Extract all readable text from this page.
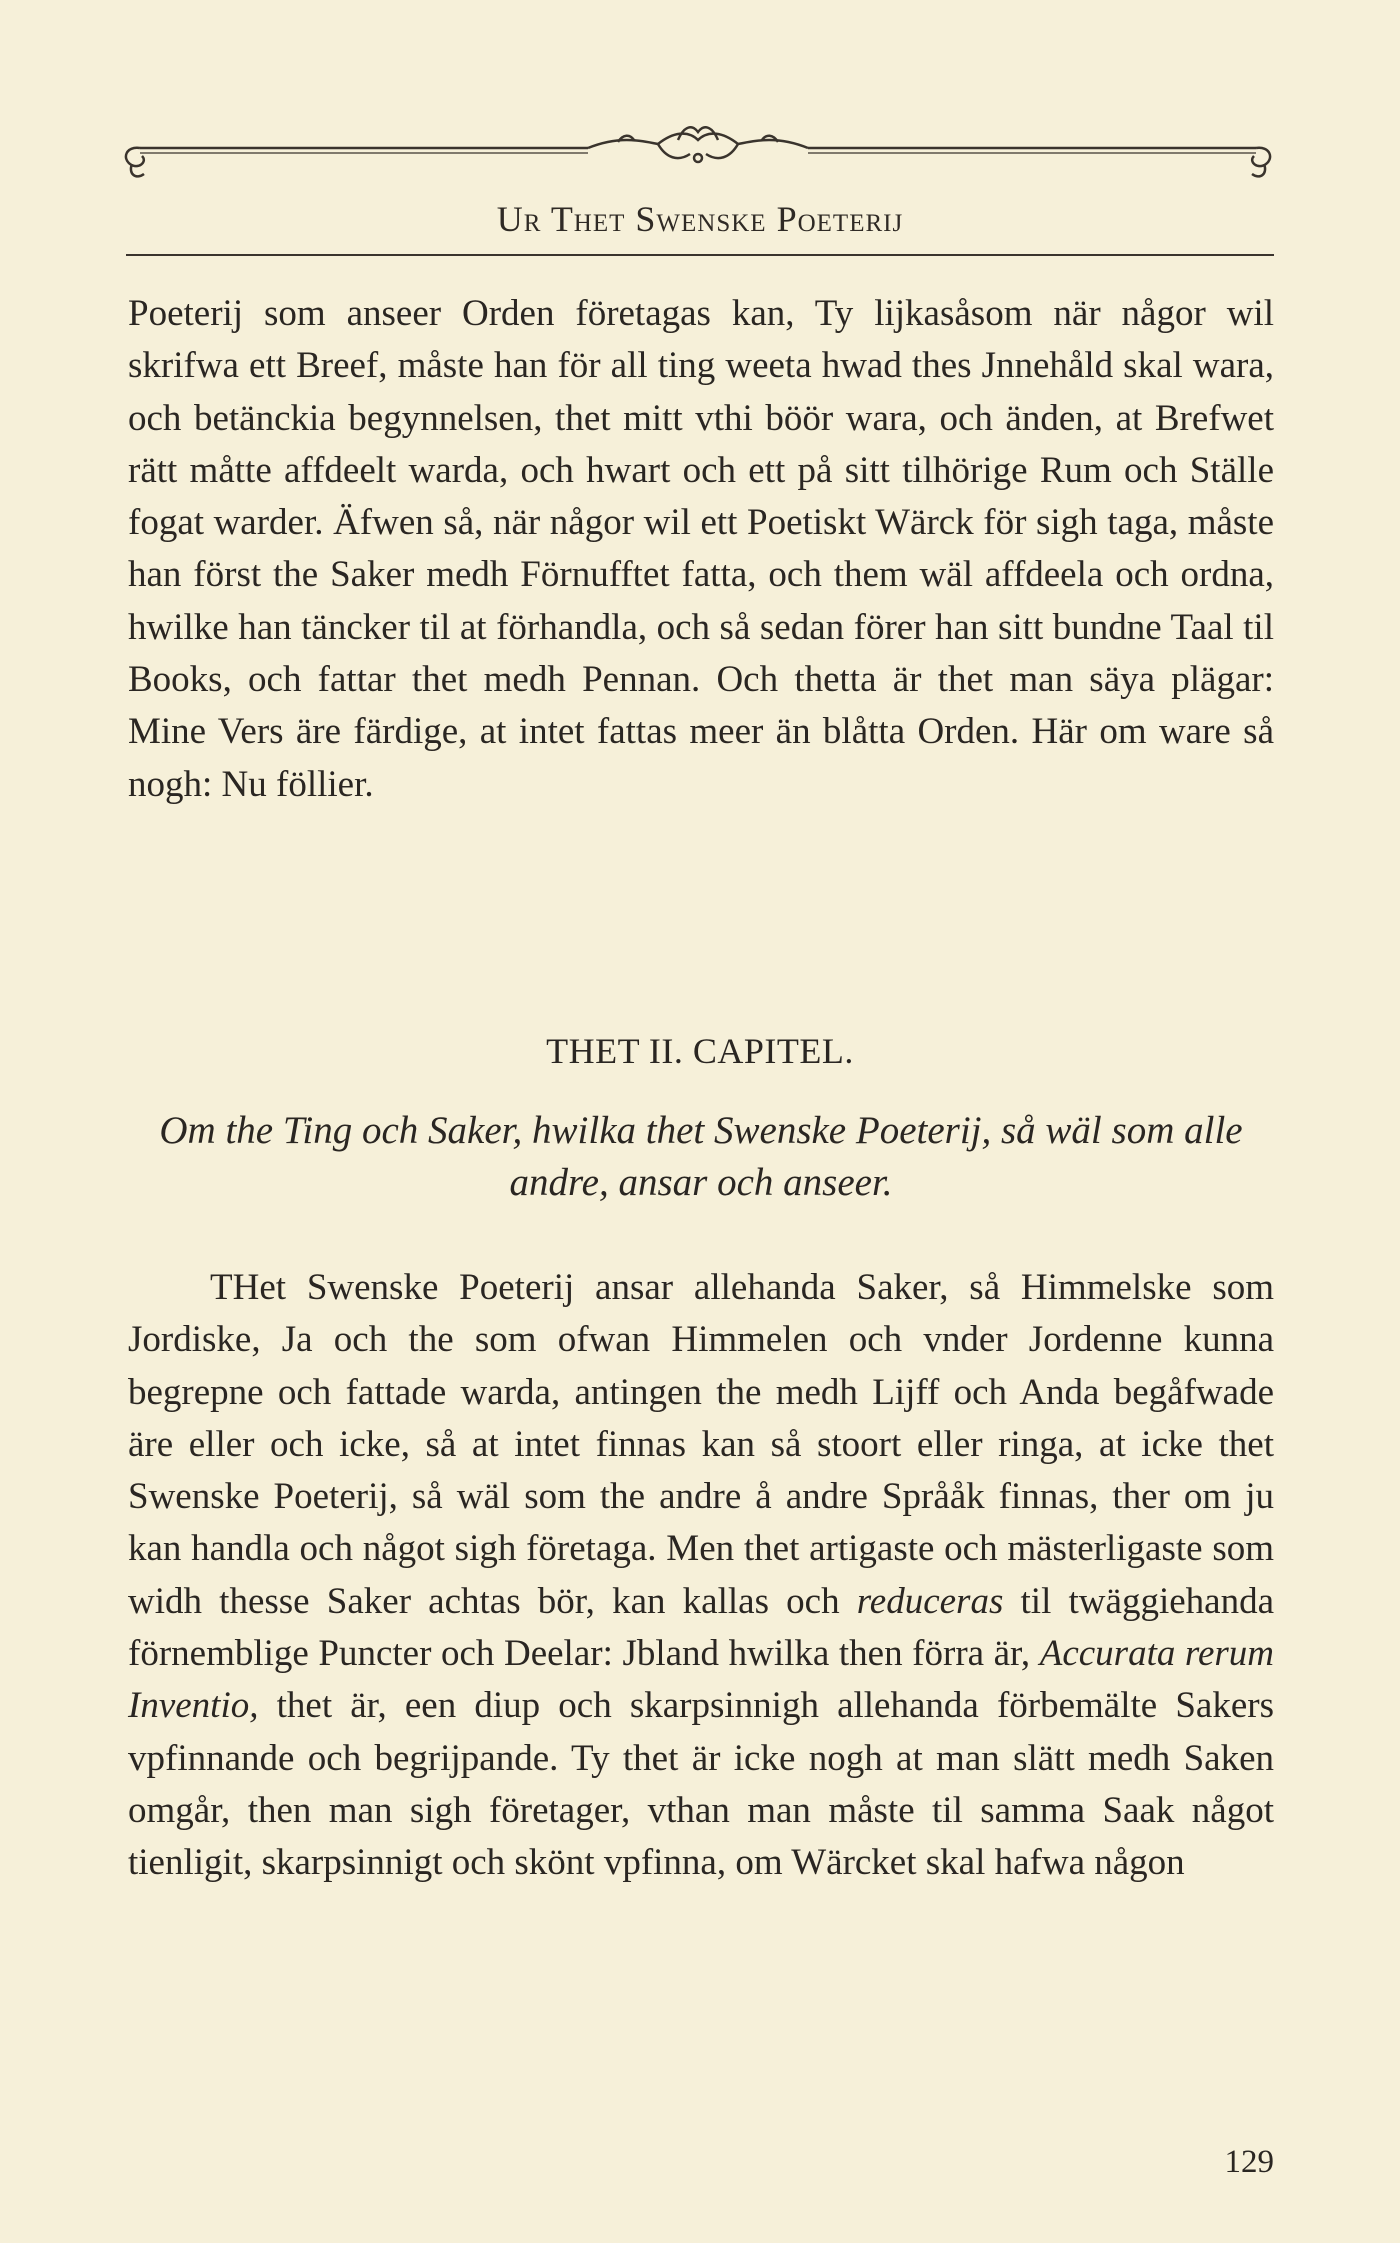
Ur Thet Swenske Poeterij
Poeterij som anseer Orden företagas kan, Ty lijkasåsom när någor wil skrifwa ett Breef, måste han för all ting weeta hwad thes Jnnehåld skal wara, och betänckia begynnelsen, thet mitt vthi böör wara, och änden, at Brefwet rätt måtte affdeelt warda, och hwart och ett på sitt tilhörige Rum och Ställe fogat warder. Äfwen så, när någor wil ett Poetiskt Wärck för sigh taga, måste han först the Saker medh Förnufftet fatta, och them wäl affdeela och ordna, hwilke han täncker til at förhandla, och så sedan förer han sitt bundne Taal til Books, och fattar thet medh Pennan. Och thetta är thet man säya plägar: Mine Vers äre färdige, at intet fattas meer än blåtta Orden. Här om ware så nogh: Nu föllier.
THET II. CAPITEL.
Om the Ting och Saker, hwilka thet Swenske Poeterij, så wäl som alle andre, ansar och anseer.
THet Swenske Poeterij ansar allehanda Saker, så Himmelske som Jordiske, Ja och the som ofwan Himmelen och vnder Jordenne kunna begrepne och fattade warda, antingen the medh Lijff och Anda begåfwade äre eller och icke, så at intet finnas kan så stoort eller ringa, at icke thet Swenske Poeterij, så wäl som the andre å andre Språåk finnas, ther om ju kan handla och något sigh företaga. Men thet artigaste och mästerligaste som widh thesse Saker achtas bör, kan kallas och reduceras til twäggiehanda förnemblige Puncter och Deelar: Jbland hwilka then förra är, Accurata rerum Inventio, thet är, een diup och skarpsinnigh allehanda förbemälte Sakers vpfinnande och begrijpande. Ty thet är icke nogh at man slätt medh Saken omgår, then man sigh företager, vthan man måste til samma Saak något tienligit, skarpsinnigt och skönt vpfinna, om Wärcket skal hafwa någon
129
